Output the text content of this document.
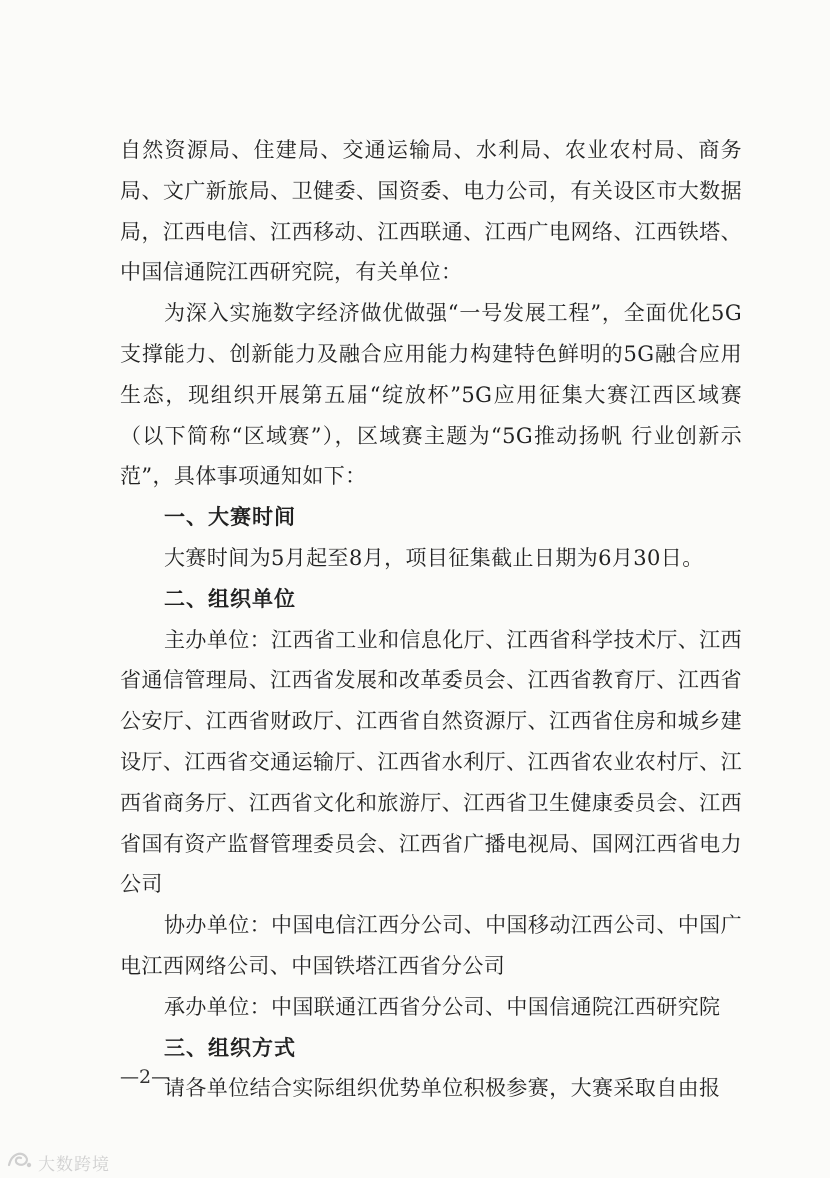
自然资源局、住建局、交通运输局、水利局、农业农村局、商务局、文广新旅局、卫健委、国资委、电力公司，有关设区市大数据局，江西电信、江西移动、江西联通、江西广电网络、江西铁塔、中国信通院江西研究院，有关单位：

为深入实施数字经济做优做强“一号发展工程”，全面优化5G支撑能力、创新能力及融合应用能力构建特色鲜明的5G融合应用生态，现组织开展第五届“绽放杯”5G应用征集大赛江西区域赛（以下简称“区域赛”），区域赛主题为“5G推动扬帆 行业创新示范”，具体事项通知如下：

一、大赛时间

大赛时间为5月起至8月，项目征集截止日期为6月30日。

二、组织单位

主办单位：江西省工业和信息化厅、江西省科学技术厅、江西省通信管理局、江西省发展和改革委员会、江西省教育厅、江西省公安厅、江西省财政厅、江西省自然资源厅、江西省住房和城乡建设厅、江西省交通运输厅、江西省水利厅、江西省农业农村厅、江西省商务厅、江西省文化和旅游厅、江西省卫生健康委员会、江西省国有资产监督管理委员会、江西省广播电视局、国网江西省电力公司

协办单位：中国电信江西分公司、中国移动江西公司、中国广电江西网络公司、中国铁塔江西省分公司

承办单位：中国联通江西省分公司、中国信通院江西研究院

三、组织方式

请各单位结合实际组织优势单位积极参赛，大赛采取自由报

—2—
大数跨境
